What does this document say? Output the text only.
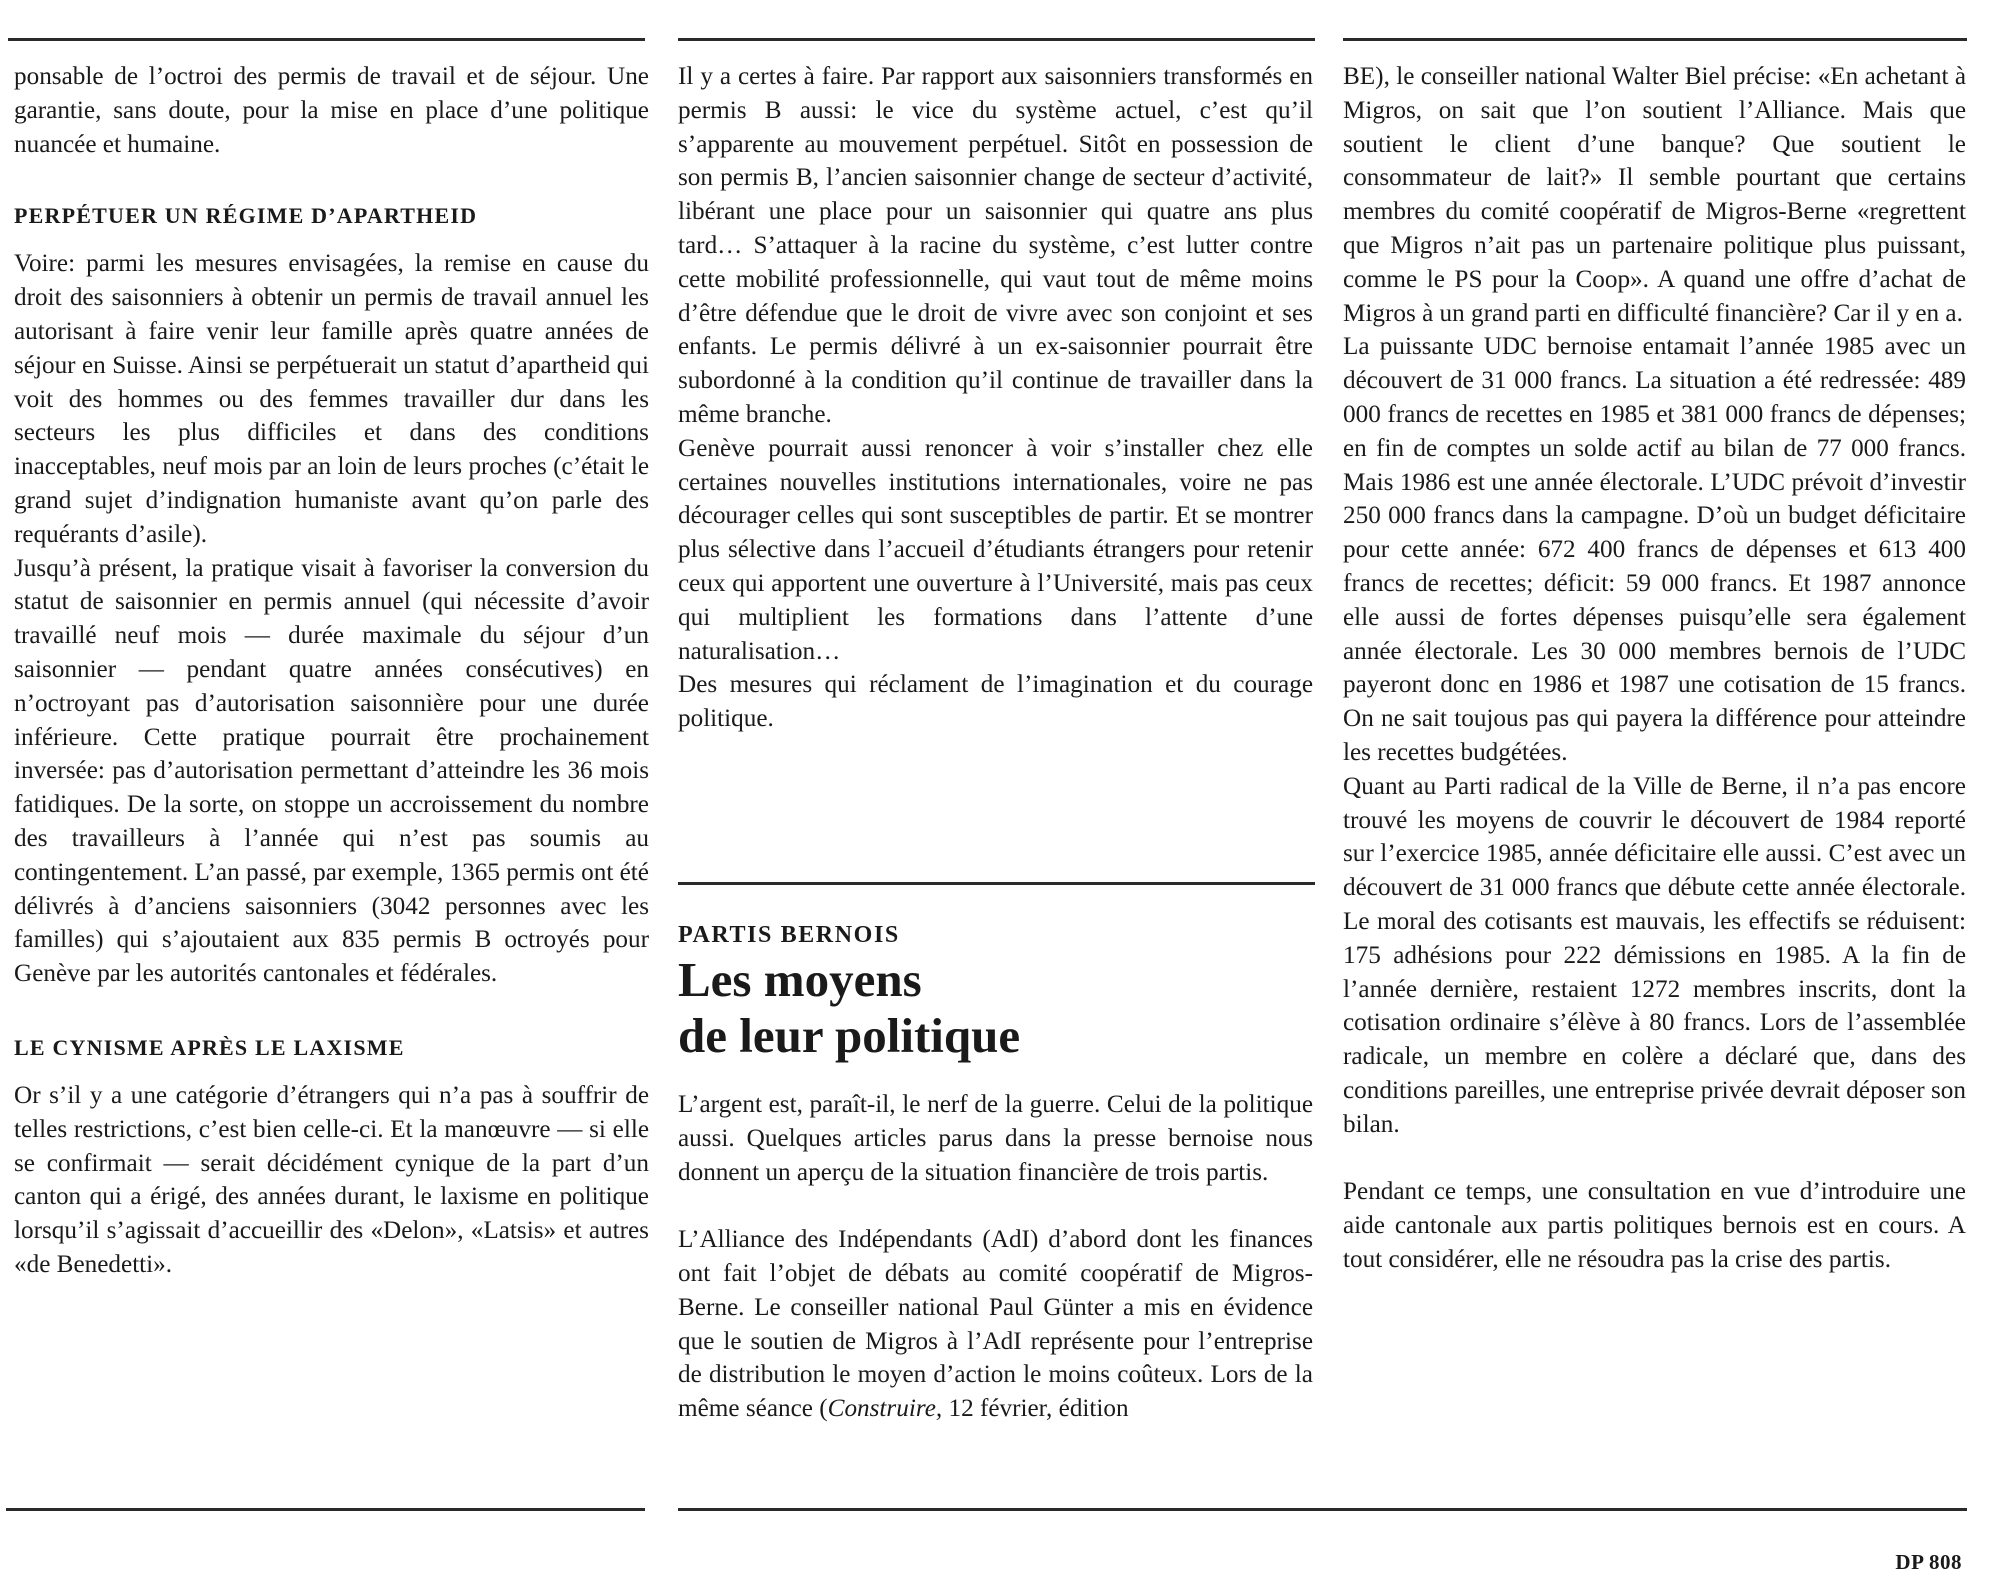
ponsable de l’octroi des permis de travail et de séjour. Une garantie, sans doute, pour la mise en place d’une politique nuancée et humaine.

PERPÉTUER UN RÉGIME D’APARTHEID

Voire: parmi les mesures envisagées, la remise en cause du droit des saisonniers à obtenir un permis de travail annuel les autorisant à faire venir leur famille après quatre années de séjour en Suisse. Ainsi se perpétuerait un statut d’apartheid qui voit des hommes ou des femmes travailler dur dans les secteurs les plus difficiles et dans des conditions inacceptables, neuf mois par an loin de leurs proches (c’était le grand sujet d’indignation humaniste avant qu’on parle des requérants d’asile).

Jusqu’à présent, la pratique visait à favoriser la conversion du statut de saisonnier en permis annuel (qui nécessite d’avoir travaillé neuf mois — durée maximale du séjour d’un saisonnier — pendant quatre années consécutives) en n’octroyant pas d’autorisation saisonnière pour une durée inférieure. Cette pratique pourrait être prochainement inversée: pas d’autorisation permettant d’atteindre les 36 mois fatidiques. De la sorte, on stoppe un accroissement du nombre des travailleurs à l’année qui n’est pas soumis au contingentement. L’an passé, par exemple, 1365 permis ont été délivrés à d’anciens saisonniers (3042 personnes avec les familles) qui s’ajoutaient aux 835 permis B octroyés pour Genève par les autorités cantonales et fédérales.

LE CYNISME APRÈS LE LAXISME

Or s’il y a une catégorie d’étrangers qui n’a pas à souffrir de telles restrictions, c’est bien celle-ci. Et la manœuvre — si elle se confirmait — serait décidément cynique de la part d’un canton qui a érigé, des années durant, le laxisme en politique lorsqu’il s’agissait d’accueillir des «Delon», «Latsis» et autres «de Benedetti».

Il y a certes à faire. Par rapport aux saisonniers transformés en permis B aussi: le vice du système actuel, c’est qu’il s’apparente au mouvement perpétuel. Sitôt en possession de son permis B, l’ancien saisonnier change de secteur d’activité, libérant une place pour un saisonnier qui quatre ans plus tard… S’attaquer à la racine du système, c’est lutter contre cette mobilité professionnelle, qui vaut tout de même moins d’être défendue que le droit de vivre avec son conjoint et ses enfants. Le permis délivré à un ex-saisonnier pourrait être subordonné à la condition qu’il continue de travailler dans la même branche.

Genève pourrait aussi renoncer à voir s’installer chez elle certaines nouvelles institutions internationales, voire ne pas décourager celles qui sont susceptibles de partir. Et se montrer plus sélective dans l’accueil d’étudiants étrangers pour retenir ceux qui apportent une ouverture à l’Université, mais pas ceux qui multiplient les formations dans l’attente d’une naturalisation…

Des mesures qui réclament de l’imagination et du courage politique.

PARTIS BERNOIS

Les moyens
de leur politique

L’argent est, paraît-il, le nerf de la guerre. Celui de la politique aussi. Quelques articles parus dans la presse bernoise nous donnent un aperçu de la situation financière de trois partis.

L’Alliance des Indépendants (AdI) d’abord dont les finances ont fait l’objet de débats au comité coopératif de Migros-Berne. Le conseiller national Paul Günter a mis en évidence que le soutien de Migros à l’AdI représente pour l’entreprise de distribution le moyen d’action le moins coûteux. Lors de la même séance (Construire, 12 février, édition

BE), le conseiller national Walter Biel précise: «En achetant à Migros, on sait que l’on soutient l’Alliance. Mais que soutient le client d’une banque? Que soutient le consommateur de lait?» Il semble pourtant que certains membres du comité coopératif de Migros-Berne «regrettent que Migros n’ait pas un partenaire politique plus puissant, comme le PS pour la Coop». A quand une offre d’achat de Migros à un grand parti en difficulté financière? Car il y en a.

La puissante UDC bernoise entamait l’année 1985 avec un découvert de 31 000 francs. La situation a été redressée: 489 000 francs de recettes en 1985 et 381 000 francs de dépenses; en fin de comptes un solde actif au bilan de 77 000 francs. Mais 1986 est une année électorale. L’UDC prévoit d’investir 250 000 francs dans la campagne. D’où un budget déficitaire pour cette année: 672 400 francs de dépenses et 613 400 francs de recettes; déficit: 59 000 francs. Et 1987 annonce elle aussi de fortes dépenses puisqu’elle sera également année électorale. Les 30 000 membres bernois de l’UDC payeront donc en 1986 et 1987 une cotisation de 15 francs. On ne sait toujous pas qui payera la différence pour atteindre les recettes budgétées.

Quant au Parti radical de la Ville de Berne, il n’a pas encore trouvé les moyens de couvrir le découvert de 1984 reporté sur l’exercice 1985, année déficitaire elle aussi. C’est avec un découvert de 31 000 francs que débute cette année électorale. Le moral des cotisants est mauvais, les effectifs se réduisent: 175 adhésions pour 222 démissions en 1985. A la fin de l’année dernière, restaient 1272 membres inscrits, dont la cotisation ordinaire s’élève à 80 francs. Lors de l’assemblée radicale, un membre en colère a déclaré que, dans des conditions pareilles, une entreprise privée devrait déposer son bilan.

Pendant ce temps, une consultation en vue d’introduire une aide cantonale aux partis politiques bernois est en cours. A tout considérer, elle ne résoudra pas la crise des partis.

DP 808
